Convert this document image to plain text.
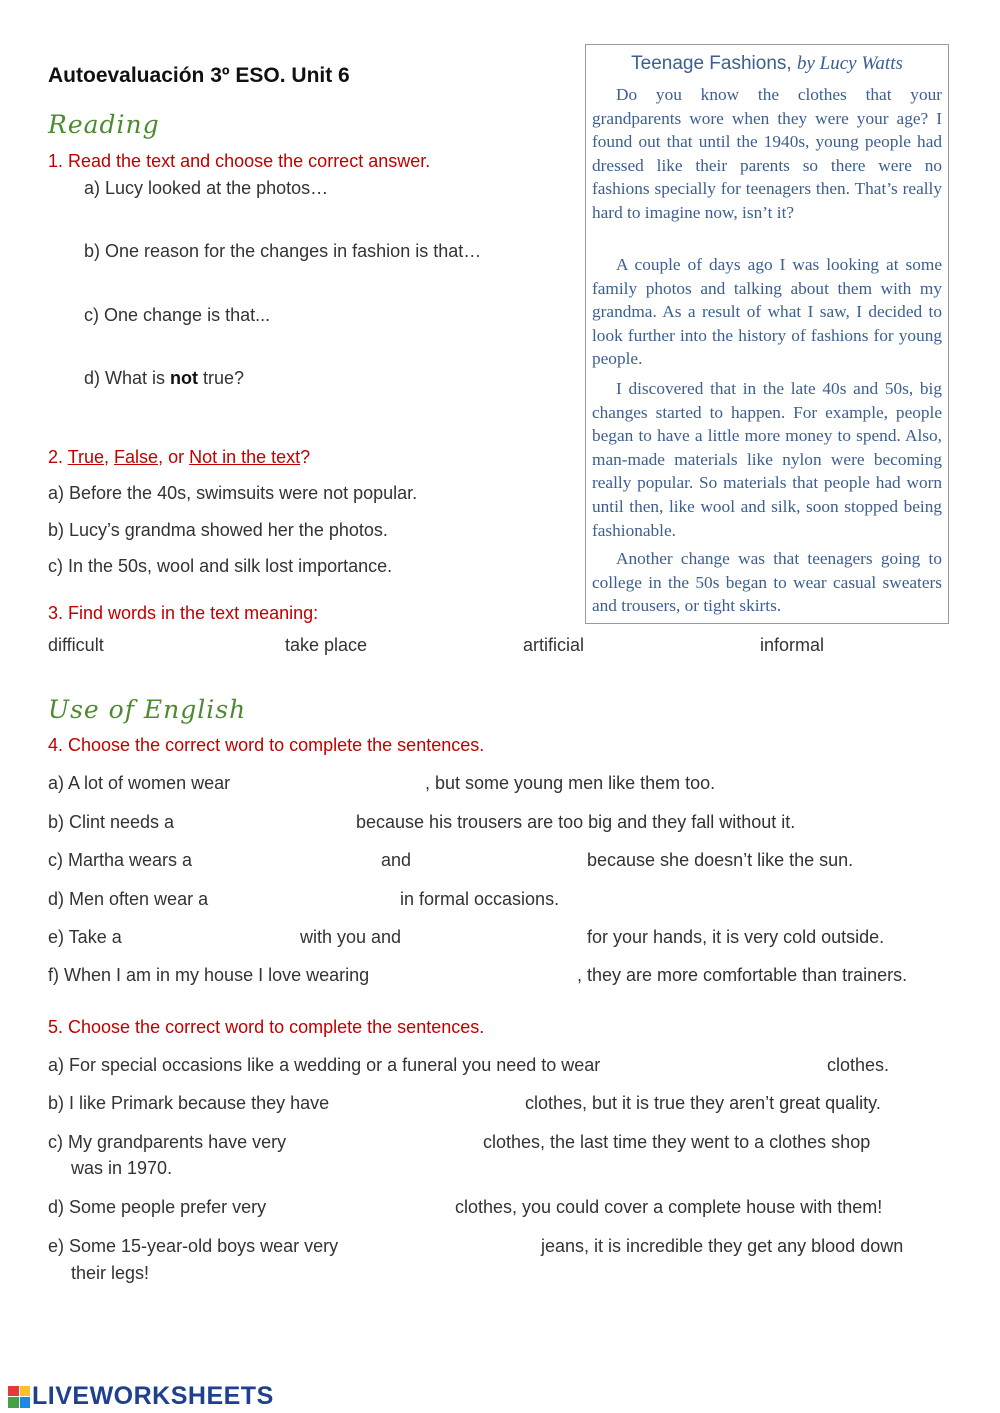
Autoevaluación 3º ESO. Unit 6
Reading
1. Read the text and choose the correct answer.
a) Lucy looked at the photos…
b) One reason for the changes in fashion is that…
c) One change is that...
d) What is not true?
2. True, False, or Not in the text?
a) Before the 40s, swimsuits were not popular.
b) Lucy’s grandma showed her the photos.
c) In the 50s, wool and silk lost importance.
3. Find words in the text meaning:
difficult	take place	artificial	informal
Teenage Fashions, by Lucy Watts

Do you know the clothes that your grandparents wore when they were your age? I found out that until the 1940s, young people had dressed like their parents so there were no fashions specially for teenagers then. That’s really hard to imagine now, isn’t it?

A couple of days ago I was looking at some family photos and talking about them with my grandma. As a result of what I saw, I decided to look further into the history of fashions for young people.

I discovered that in the late 40s and 50s, big changes started to happen. For example, people began to have a little more money to spend. Also, man-made materials like nylon were becoming really popular. So materials that people had worn until then, like wool and silk, soon stopped being fashionable.

Another change was that teenagers going to college in the 50s began to wear casual sweaters and trousers, or tight skirts.

Use of English
4. Choose the correct word to complete the sentences.
a) A lot of women wear	, but some young men like them too.
b) Clint needs a	because his trousers are too big and they fall without it.
c) Martha wears a	and	because she doesn’t like the sun.
d) Men often wear a	in formal occasions.
e) Take a	with you and	for your hands, it is very cold outside.
f) When I am in my house I love wearing	, they are more comfortable than trainers.
5. Choose the correct word to complete the sentences.
a) For special occasions like a wedding or a funeral you need to wear	clothes.
b) I like Primark because they have	clothes, but it is true they aren’t great quality.
c) My grandparents have very	clothes, the last time they went to a clothes shop
was in 1970.
d) Some people prefer very	clothes, you could cover a complete house with them!
e) Some 15-year-old boys wear very	jeans, it is incredible they get any blood down
their legs!
LIVEWORKSHEETS
